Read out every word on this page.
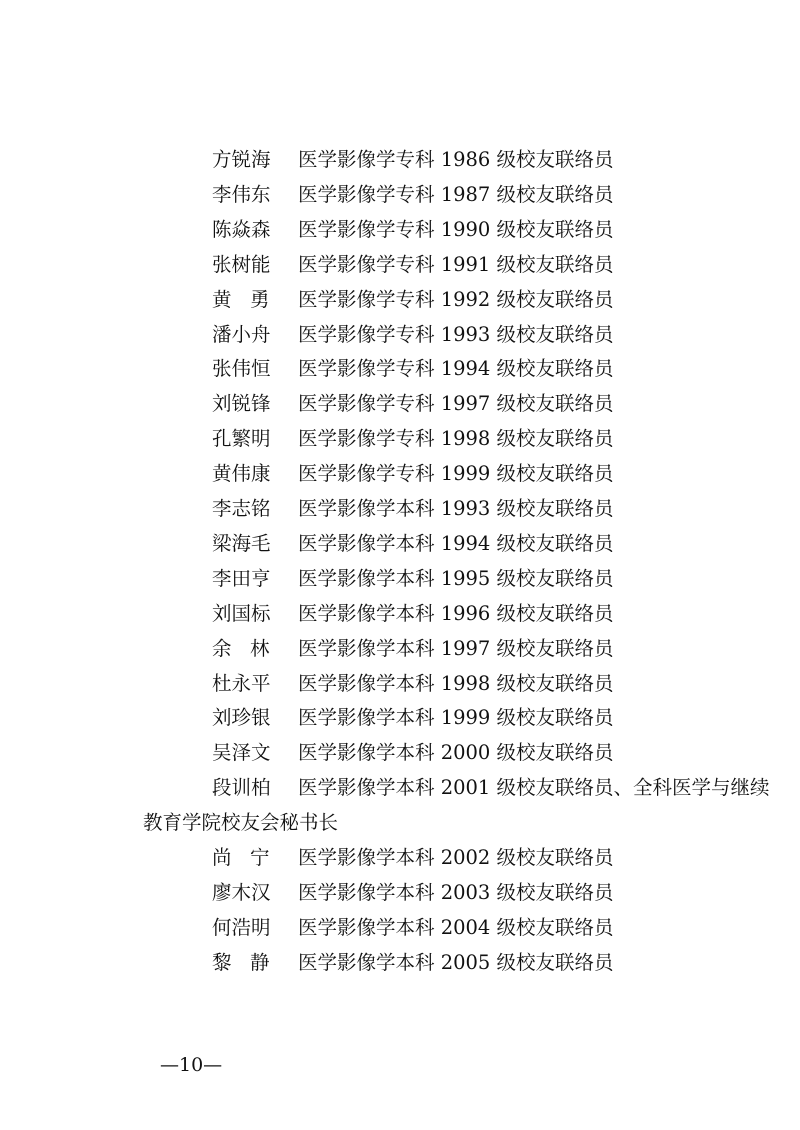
方锐海 医学影像学专科 1986 级校友联络员
李伟东 医学影像学专科 1987 级校友联络员
陈焱森 医学影像学专科 1990 级校友联络员
张树能 医学影像学专科 1991 级校友联络员
黄勇 医学影像学专科 1992 级校友联络员
潘小舟 医学影像学专科 1993 级校友联络员
张伟恒 医学影像学专科 1994 级校友联络员
刘锐锋 医学影像学专科 1997 级校友联络员
孔繁明 医学影像学专科 1998 级校友联络员
黄伟康 医学影像学专科 1999 级校友联络员
李志铭 医学影像学本科 1993 级校友联络员
梁海毛 医学影像学本科 1994 级校友联络员
李田亨 医学影像学本科 1995 级校友联络员
刘国标 医学影像学本科 1996 级校友联络员
余林 医学影像学本科 1997 级校友联络员
杜永平 医学影像学本科 1998 级校友联络员
刘珍银 医学影像学本科 1999 级校友联络员
吴泽文 医学影像学本科 2000 级校友联络员
段训柏 医学影像学本科 2001 级校友联络员、全科医学与继续
教育学院校友会秘书长
尚宁 医学影像学本科 2002 级校友联络员
廖木汉 医学影像学本科 2003 级校友联络员
何浩明 医学影像学本科 2004 级校友联络员
黎静 医学影像学本科 2005 级校友联络员
—10—
